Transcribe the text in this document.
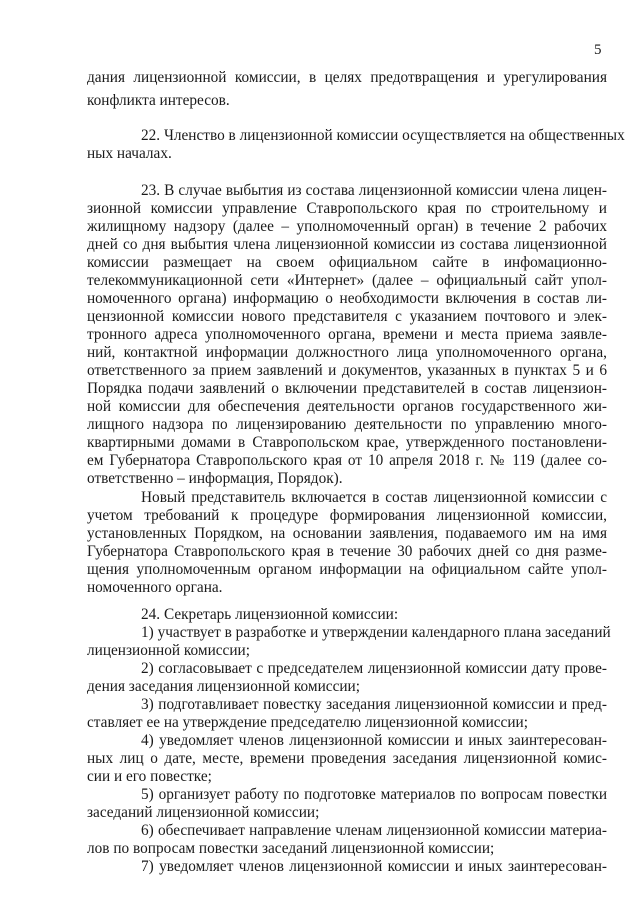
5
дания лицензионной комиссии, в целях предотвращения и урегулирования
конфликта интересов.
22. Членство в лицензионной комиссии осуществляется на общественных
ных началах.
23. В случае выбытия из состава лицензионной комиссии члена лицен-
зионной комиссии управление Ставропольского края по строительному и
жилищному надзору (далее – уполномоченный орган) в течение 2 рабочих
дней со дня выбытия члена лицензионной комиссии из состава лицензионной
комиссии размещает на своем официальном сайте в инфомационно-
телекоммуникационной сети «Интернет» (далее – официальный сайт упол-
номоченного органа) информацию о необходимости включения в состав ли-
цензионной комиссии нового представителя с указанием почтового и элек-
тронного адреса уполномоченного органа, времени и места приема заявле-
ний, контактной информации должностного лица уполномоченного органа,
ответственного за прием заявлений и документов, указанных в пунктах 5 и 6
Порядка подачи заявлений о включении представителей в состав лицензион-
ной комиссии для обеспечения деятельности органов государственного жи-
лищного надзора по лицензированию деятельности по управлению много-
квартирными домами в Ставропольском крае, утвержденного постановлени-
ем Губернатора Ставропольского края от 10 апреля 2018 г. № 119 (далее со-
ответственно – информация, Порядок).
Новый представитель включается в состав лицензионной комиссии с
учетом требований к процедуре формирования лицензионной комиссии,
установленных Порядком, на основании заявления, подаваемого им на имя
Губернатора Ставропольского края в течение 30 рабочих дней со дня разме-
щения уполномоченным органом информации на официальном сайте упол-
номоченного органа.
24. Секретарь лицензионной комиссии:
1) участвует в разработке и утверждении календарного плана заседаний
лицензионной комиссии;
2) согласовывает с председателем лицензионной комиссии дату прове-
дения заседания лицензионной комиссии;
3) подготавливает повестку заседания лицензионной комиссии и пред-
ставляет ее на утверждение председателю лицензионной комиссии;
4) уведомляет членов лицензионной комиссии и иных заинтересован-
ных лиц о дате, месте, времени проведения заседания лицензионной комис-
сии и его повестке;
5) организует работу по подготовке материалов по вопросам повестки
заседаний лицензионной комиссии;
6) обеспечивает направление членам лицензионной комиссии материа-
лов по вопросам повестки заседаний лицензионной комиссии;
7) уведомляет членов лицензионной комиссии и иных заинтересован-
